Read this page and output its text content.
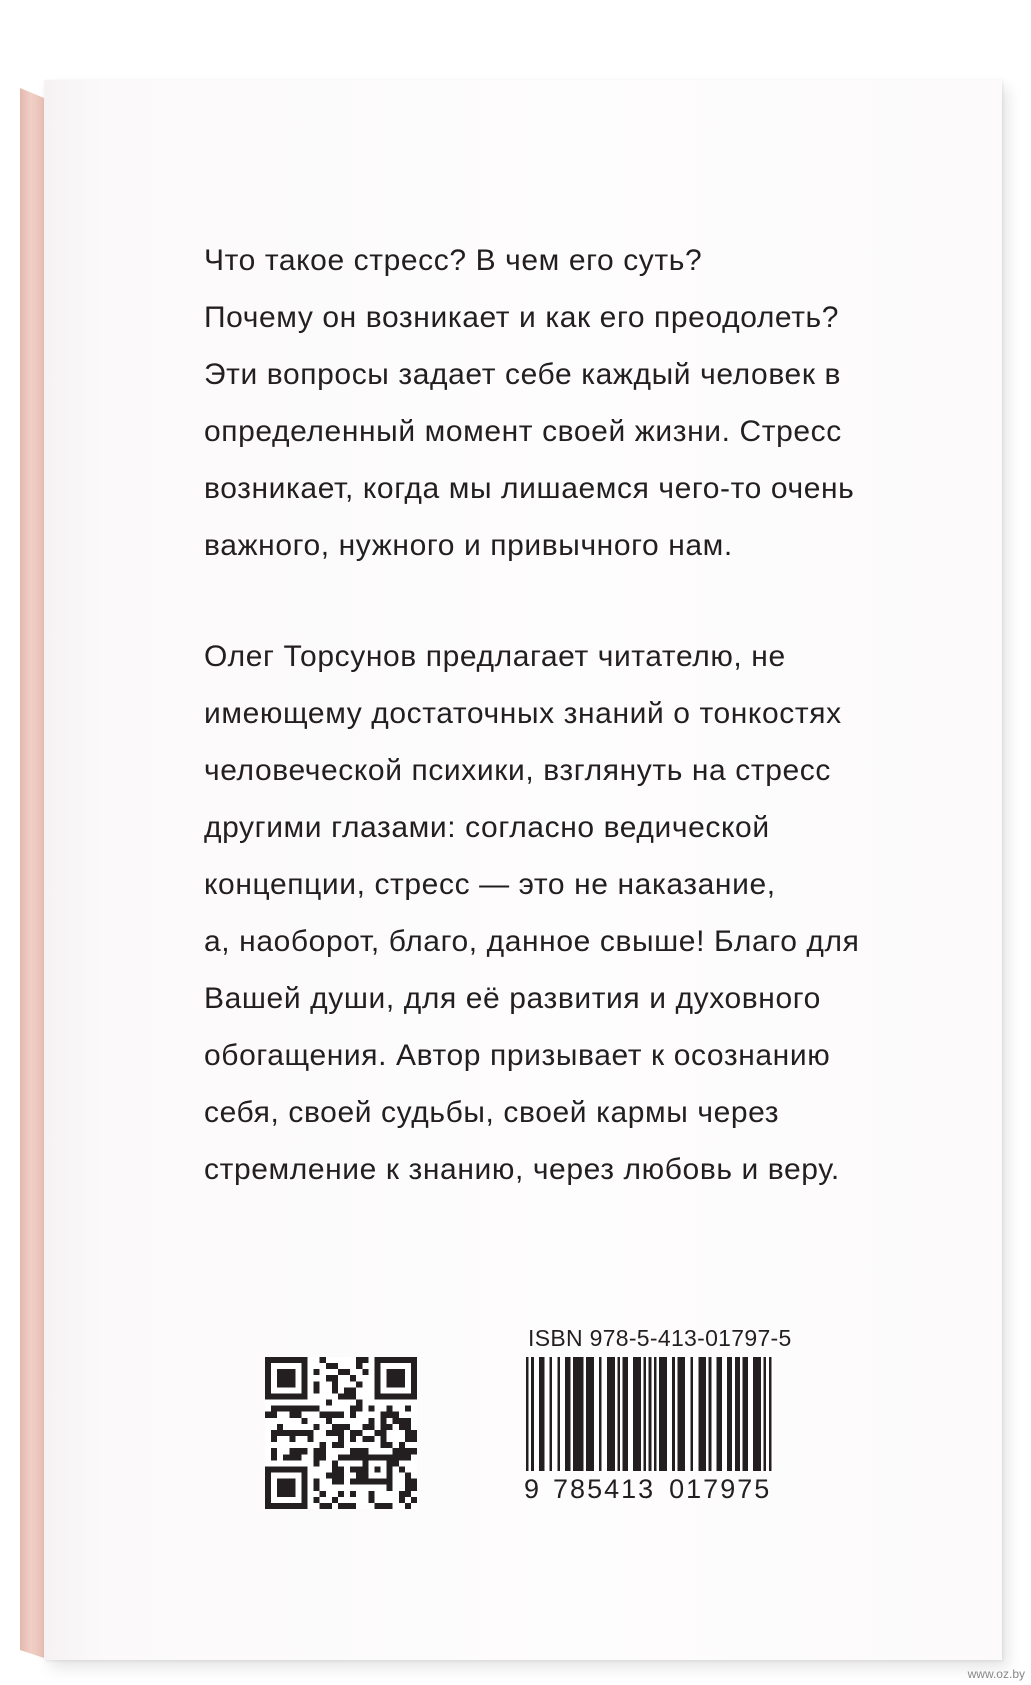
Что такое стресс? В чем его суть?
Почему он возникает и как его преодолеть?
Эти вопросы задает себе каждый человек в
определенный момент своей жизни. Стресс
возникает, когда мы лишаемся чего-то очень
важного, нужного и привычного нам.
Олег Торсунов предлагает читателю, не
имеющему достаточных знаний о тонкостях
человеческой психики, взглянуть на стресс
другими глазами: согласно ведической
концепции, стресс — это не наказание,
а, наоборот, благо, данное свыше! Благо для
Вашей души, для её развития и духовного
обогащения. Автор призывает к осознанию
себя, своей судьбы, своей кармы через
стремление к знанию, через любовь и веру.
ISBN 978-5-413-01797-5
9 785413 017975
www.oz.by
